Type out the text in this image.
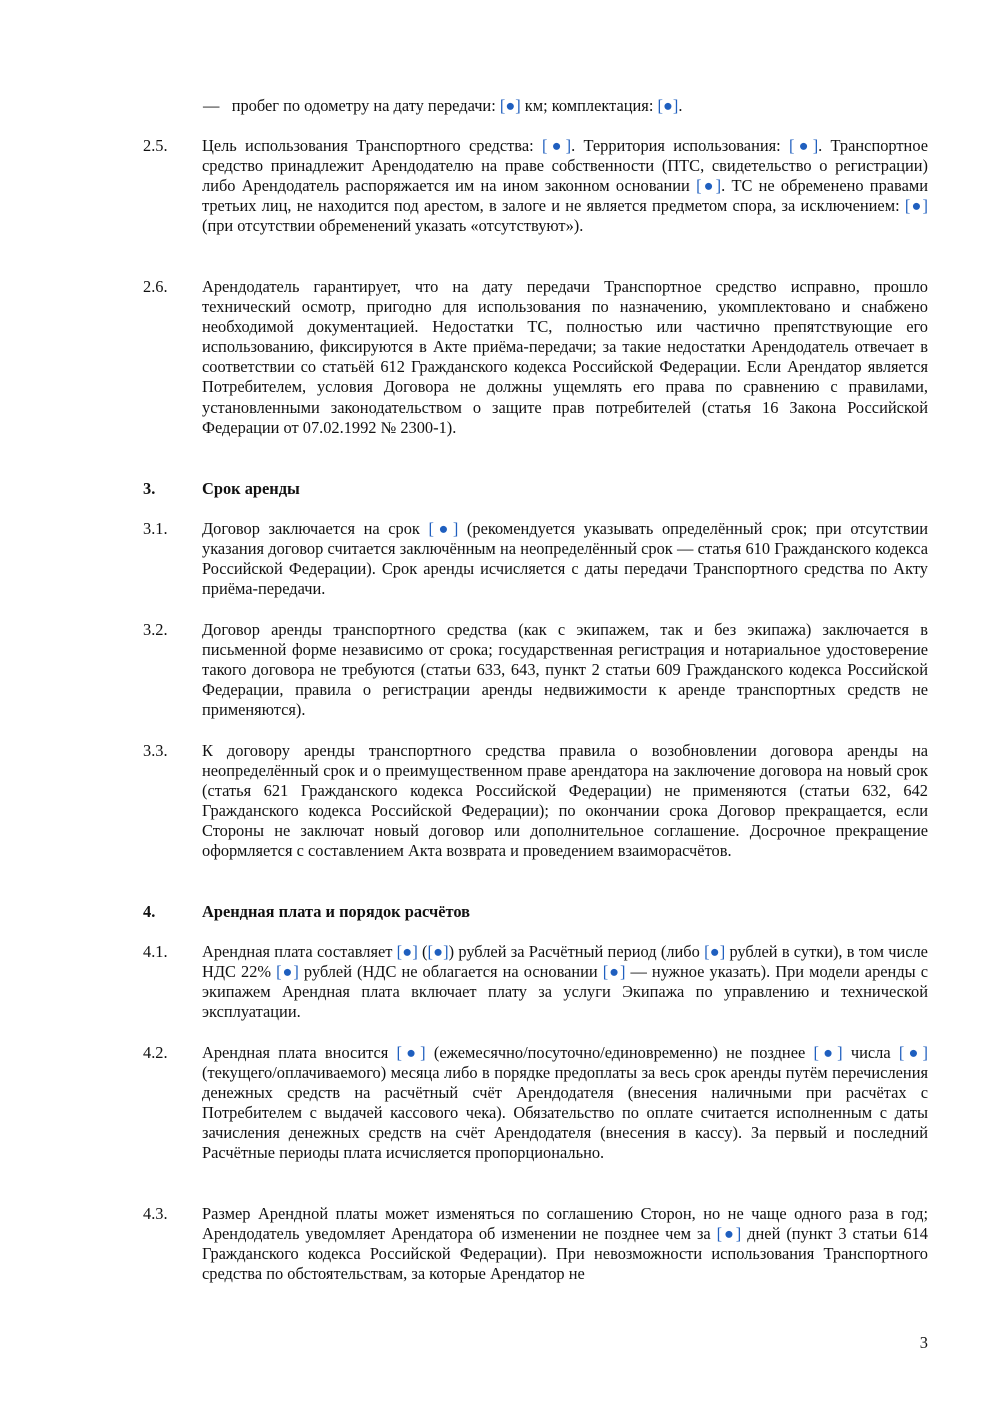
— пробег по одометру на дату передачи: [●] км; комплектация: [●].
2.5.	Цель использования Транспортного средства: [●]. Территория использования: [●]. Транспортное средство принадлежит Арендодателю на праве собственности (ПТС, свидетельство о регистрации) либо Арендодатель распоряжается им на ином законном основании [●]. ТС не обременено правами третьих лиц, не находится под арестом, в залоге и не является предметом спора, за исключением: [●] (при отсутствии обременений указать «отсутствуют»).
2.6.	Арендодатель гарантирует, что на дату передачи Транспортное средство исправно, прошло технический осмотр, пригодно для использования по назначению, укомплектовано и снабжено необходимой документацией. Недостатки ТС, полностью или частично препятствующие его использованию, фиксируются в Акте приёма-передачи; за такие недостатки Арендодатель отвечает в соответствии со статьёй 612 Гражданского кодекса Российской Федерации. Если Арендатор является Потребителем, условия Договора не должны ущемлять его права по сравнению с правилами, установленными законодательством о защите прав потребителей (статья 16 Закона Российской Федерации от 07.02.1992 № 2300-1).
3.	Срок аренды
3.1.	Договор заключается на срок [●] (рекомендуется указывать определённый срок; при отсутствии указания договор считается заключённым на неопределённый срок — статья 610 Гражданского кодекса Российской Федерации). Срок аренды исчисляется с даты передачи Транспортного средства по Акту приёма-передачи.
3.2.	Договор аренды транспортного средства (как с экипажем, так и без экипажа) заключается в письменной форме независимо от срока; государственная регистрация и нотариальное удостоверение такого договора не требуются (статьи 633, 643, пункт 2 статьи 609 Гражданского кодекса Российской Федерации, правила о регистрации аренды недвижимости к аренде транспортных средств не применяются).
3.3.	К договору аренды транспортного средства правила о возобновлении договора аренды на неопределённый срок и о преимущественном праве арендатора на заключение договора на новый срок (статья 621 Гражданского кодекса Российской Федерации) не применяются (статьи 632, 642 Гражданского кодекса Российской Федерации); по окончании срока Договор прекращается, если Стороны не заключат новый договор или дополнительное соглашение. Досрочное прекращение оформляется с составлением Акта возврата и проведением взаиморасчётов.
4.	Арендная плата и порядок расчётов
4.1.	Арендная плата составляет [●] ([●]) рублей за Расчётный период (либо [●] рублей в сутки), в том числе НДС 22% [●] рублей (НДС не облагается на основании [●] — нужное указать). При модели аренды с экипажем Арендная плата включает плату за услуги Экипажа по управлению и технической эксплуатации.
4.2.	Арендная плата вносится [●] (ежемесячно/посуточно/единовременно) не позднее [●] числа [●] (текущего/оплачиваемого) месяца либо в порядке предоплаты за весь срок аренды путём перечисления денежных средств на расчётный счёт Арендодателя (внесения наличными при расчётах с Потребителем с выдачей кассового чека). Обязательство по оплате считается исполненным с даты зачисления денежных средств на счёт Арендодателя (внесения в кассу). За первый и последний Расчётные периоды плата исчисляется пропорционально.
4.3.	Размер Арендной платы может изменяться по соглашению Сторон, но не чаще одного раза в год; Арендодатель уведомляет Арендатора об изменении не позднее чем за [●] дней (пункт 3 статьи 614 Гражданского кодекса Российской Федерации). При невозможности использования Транспортного средства по обстоятельствам, за которые Арендатор не
3
